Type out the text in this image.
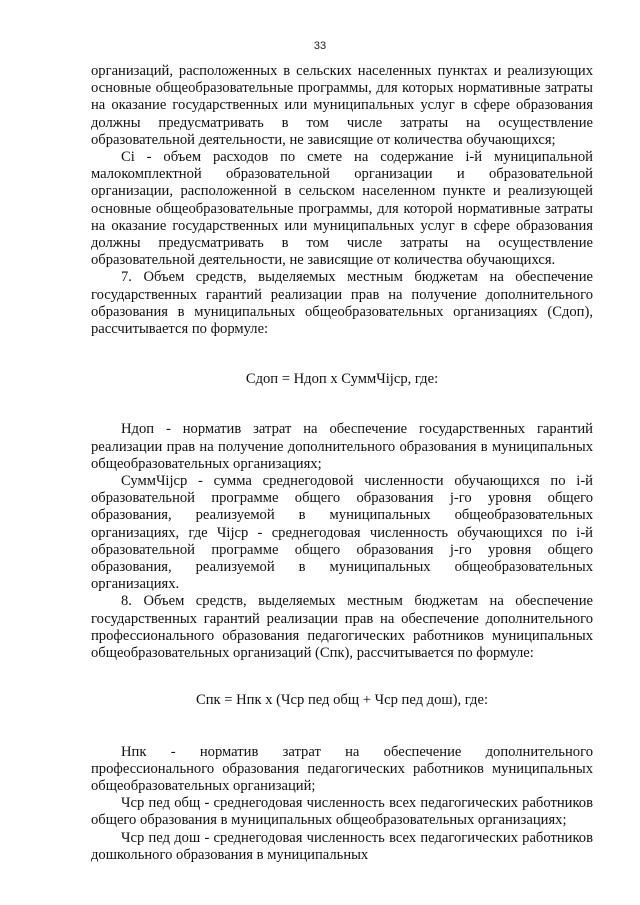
33

организаций, расположенных в сельских населенных пунктах и реализующих основные общеобразовательные программы, для которых нормативные затраты на оказание государственных или муниципальных услуг в сфере образования должны предусматривать в том числе затраты на осуществление образовательной деятельности, не зависящие от количества обучающихся;

Ci - объем расходов по смете на содержание i-й муниципальной малокомплектной образовательной организации и образовательной организации, расположенной в сельском населенном пункте и реализующей основные общеобразовательные программы, для которой нормативные затраты на оказание государственных или муниципальных услуг в сфере образования должны предусматривать в том числе затраты на осуществление образовательной деятельности, не зависящие от количества обучающихся.

7. Объем средств, выделяемых местным бюджетам на обеспечение государственных гарантий реализации прав на получение дополнительного образования в муниципальных общеобразовательных организациях (Сдоп), рассчитывается по формуле:

Сдоп = Ндоп х СуммЧijср, где:

Ндоп - норматив затрат на обеспечение государственных гарантий реализации прав на получение дополнительного образования в муниципальных общеобразовательных организациях;

СуммЧijср - сумма среднегодовой численности обучающихся по i-й образовательной программе общего образования j-го уровня общего образования, реализуемой в муниципальных общеобразовательных организациях, где Чijср - среднегодовая численность обучающихся по i-й образовательной программе общего образования j-го уровня общего образования, реализуемой в муниципальных общеобразовательных организациях.

8. Объем средств, выделяемых местным бюджетам на обеспечение государственных гарантий реализации прав на обеспечение дополнительного профессионального образования педагогических работников муниципальных общеобразовательных организаций (Спк), рассчитывается по формуле:

Спк = Нпк х (Чср пед общ + Чср пед дош), где:

Нпк - норматив затрат на обеспечение дополнительного профессионального образования педагогических работников муниципальных общеобразовательных организаций;

Чср пед общ - среднегодовая численность всех педагогических работников общего образования в муниципальных общеобразовательных организациях;

Чср пед дош - среднегодовая численность всех педагогических работников дошкольного образования в муниципальных
